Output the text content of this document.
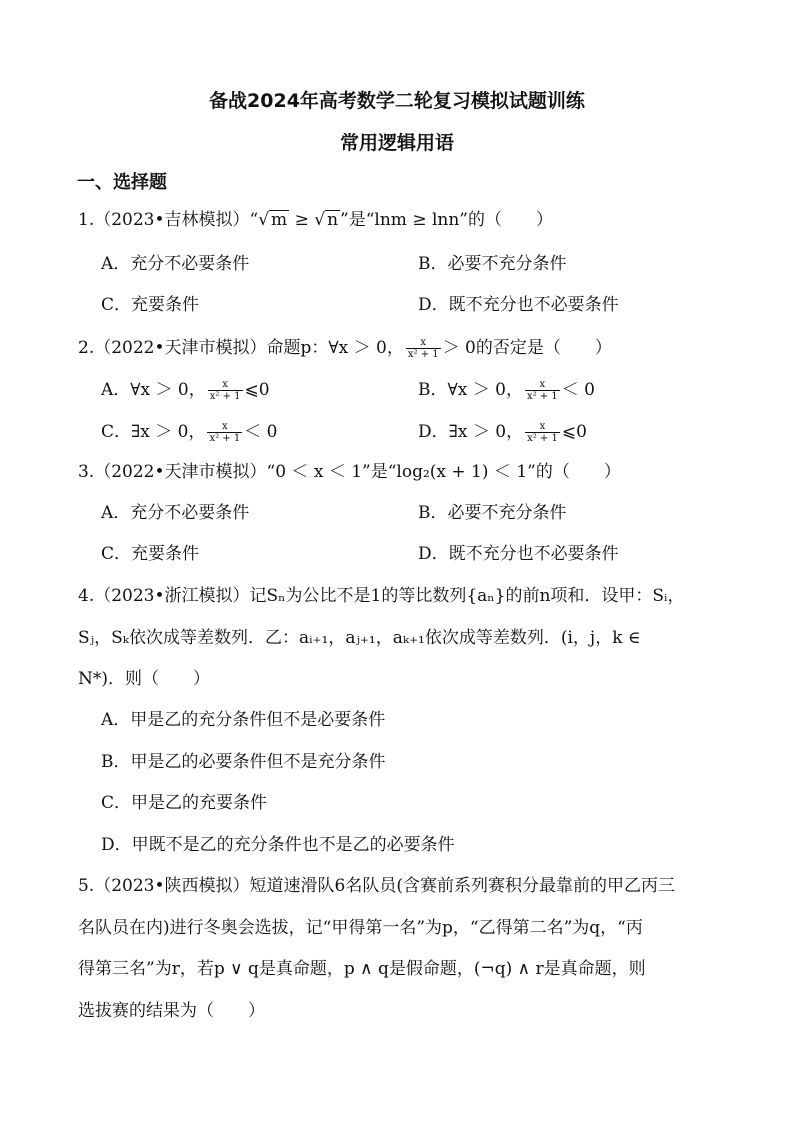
备战2024年高考数学二轮复习模拟试题训练
常用逻辑用语
一、选择题
1.（2023•吉林模拟）“√ m ≥ √ n ”是“lnm ≥ lnn”的（　　）
A．充分不必要条件	B．必要不充分条件
C．充要条件	D．既不充分也不必要条件
2.（2022•天津市模拟）命题p：∀x ＞ 0， $\frac{x}{\text{x² + 1}} > 0$的否定是（　　）
A．∀x ＞ 0， $\frac{x}{\text{x² + 1}}$ ⩽0	B．∀x ＞ 0， $\frac{x}{\text{x² + 1}} < 0$
C．∃x ＞ 0， $\frac{x}{\text{x² + 1}} < 0$	D．∃x ＞ 0， $\frac{x}{\text{x² + 1}}$ ⩽0
3.（2022•天津市模拟）“0 ＜ x ＜ 1”是“log₂(x + 1) ＜ 1”的（　　）
A．充分不必要条件	B．必要不充分条件
C．充要条件	D．既不充分也不必要条件
4.（2023•浙江模拟）记Sₙ为公比不是1的等比数列{aₙ}的前n项和．设甲：Sᵢ，
Sⱼ，Sₖ依次成等差数列．乙：aᵢ₊₁，aⱼ₊₁，aₖ₊₁依次成等差数列．(i，j，k ∈
N*)．则（　　）
A．甲是乙的充分条件但不是必要条件
B．甲是乙的必要条件但不是充分条件
C．甲是乙的充要条件
D．甲既不是乙的充分条件也不是乙的必要条件
5.（2023•陕西模拟）短道速滑队6名队员(含赛前系列赛积分最靠前的甲乙丙三
名队员在内)进行冬奥会选拔，记“甲得第一名”为p，“乙得第二名”为q，“丙
得第三名”为r，若p ∨ q是真命题，p ∧ q是假命题，(¬q) ∧ r是真命题，则
选拔赛的结果为（　　）
